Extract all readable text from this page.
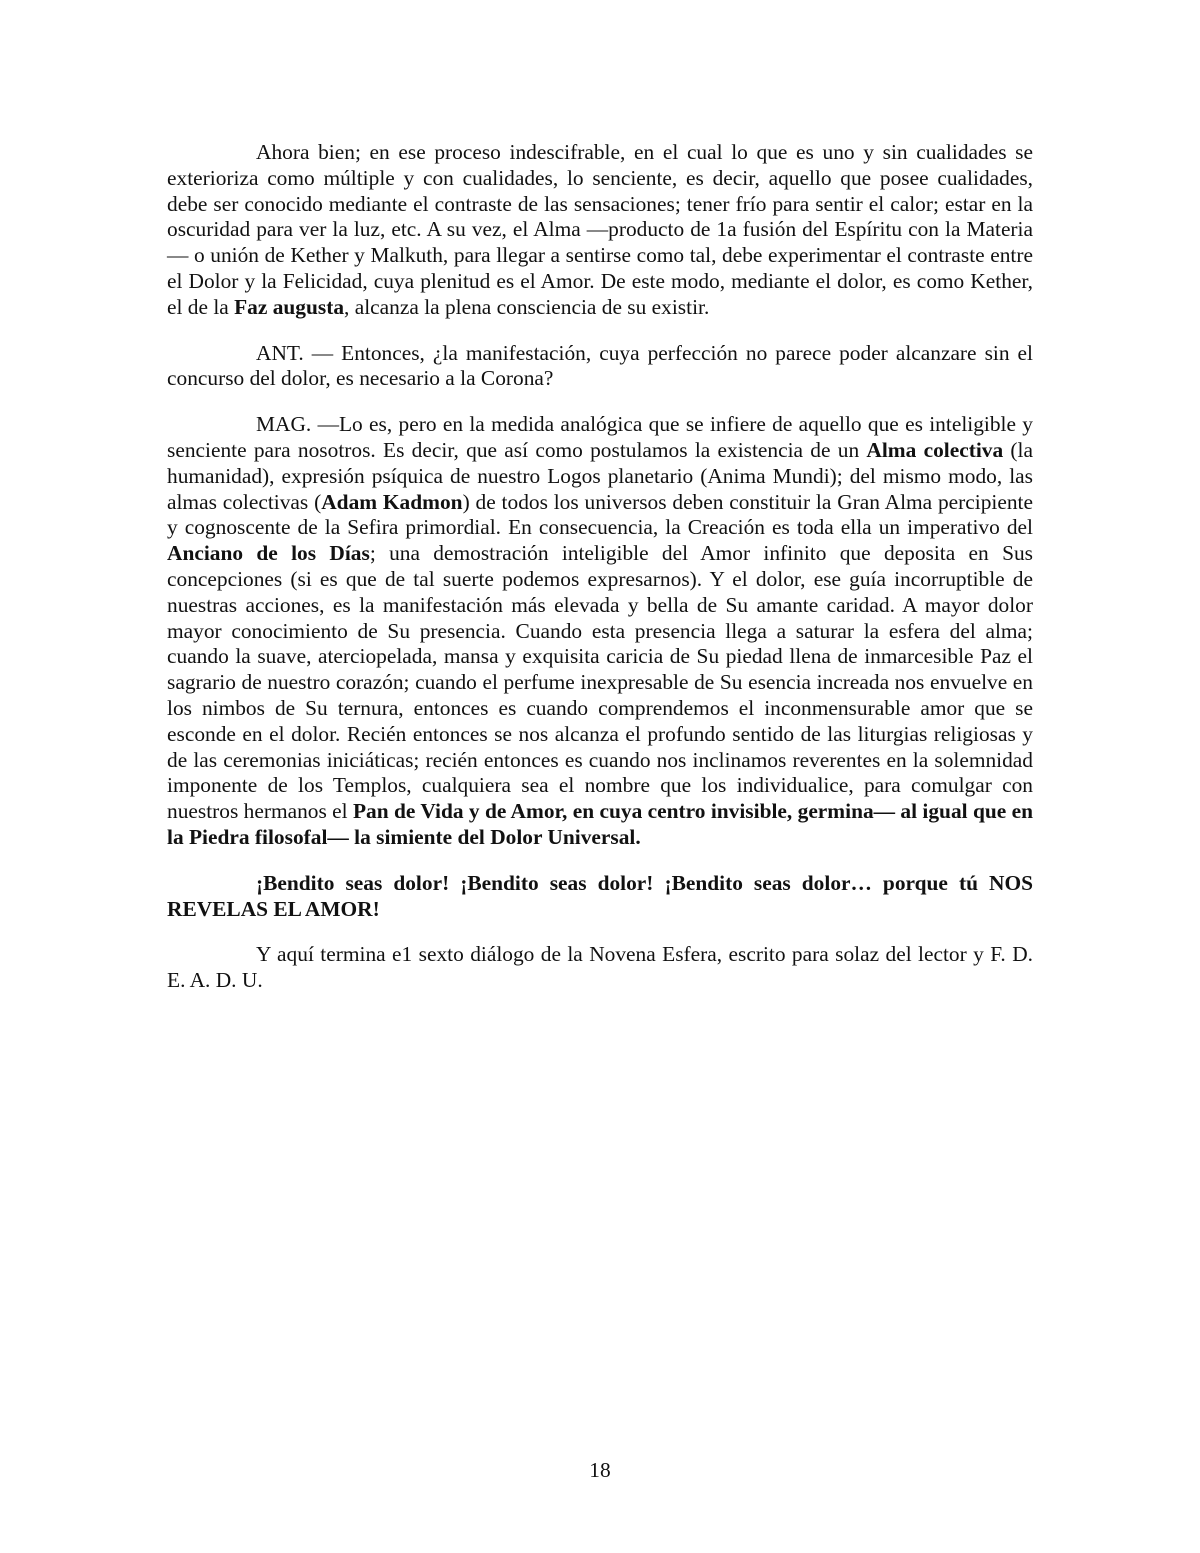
Ahora bien; en ese proceso indescifrable, en el cual lo que es uno y sin cualidades se exterioriza como múltiple y con cualidades, lo senciente, es decir, aquello que posee cualidades, debe ser conocido mediante el contraste de las sensaciones; tener frío para sentir el calor; estar en la oscuridad para ver la luz, etc. A su vez, el Alma —producto de 1a fusión del Espíritu con la Materia— o unión de Kether y Malkuth, para llegar a sentirse como tal, debe experimentar el contraste entre el Dolor y la Felicidad, cuya plenitud es el Amor. De este modo, mediante el dolor, es como Kether, el de la Faz augusta, alcanza la plena consciencia de su existir.

ANT. — Entonces, ¿la manifestación, cuya perfección no parece poder alcanzare sin el concurso del dolor, es necesario a la Corona?

MAG. —Lo es, pero en la medida analógica que se infiere de aquello que es inteligible y senciente para nosotros. Es decir, que así como postulamos la existencia de un Alma colectiva (la humanidad), expresión psíquica de nuestro Logos planetario (Anima Mundi); del mismo modo, las almas colectivas (Adam Kadmon) de todos los universos deben constituir la Gran Alma percipiente y cognoscente de la Sefira primordial. En consecuencia, la Creación es toda ella un imperativo del Anciano de los Días; una demostración inteligible del Amor infinito que deposita en Sus concepciones (si es que de tal suerte podemos expresarnos). Y el dolor, ese guía incorruptible de nuestras acciones, es la manifestación más elevada y bella de Su amante caridad. A mayor dolor mayor conocimiento de Su presencia. Cuando esta presencia llega a saturar la esfera del alma; cuando la suave, aterciopelada, mansa y exquisita caricia de Su piedad llena de inmarcesible Paz el sagrario de nuestro corazón; cuando el perfume inexpresable de Su esencia increada nos envuelve en los nimbos de Su ternura, entonces es cuando comprendemos el inconmensurable amor que se esconde en el dolor. Recién entonces se nos alcanza el profundo sentido de las liturgias religiosas y de las ceremonias iniciáticas; recién entonces es cuando nos inclinamos reverentes en la solemnidad imponente de los Templos, cualquiera sea el nombre que los individualice, para comulgar con nuestros hermanos el Pan de Vida y de Amor, en cuya centro invisible, germina— al igual que en la Piedra filosofal— la simiente del Dolor Universal.

¡Bendito seas dolor! ¡Bendito seas dolor! ¡Bendito seas dolor… porque tú NOS REVELAS EL AMOR!

Y aquí termina e1 sexto diálogo de la Novena Esfera, escrito para solaz del lector y F. D. E. A. D. U.

18
